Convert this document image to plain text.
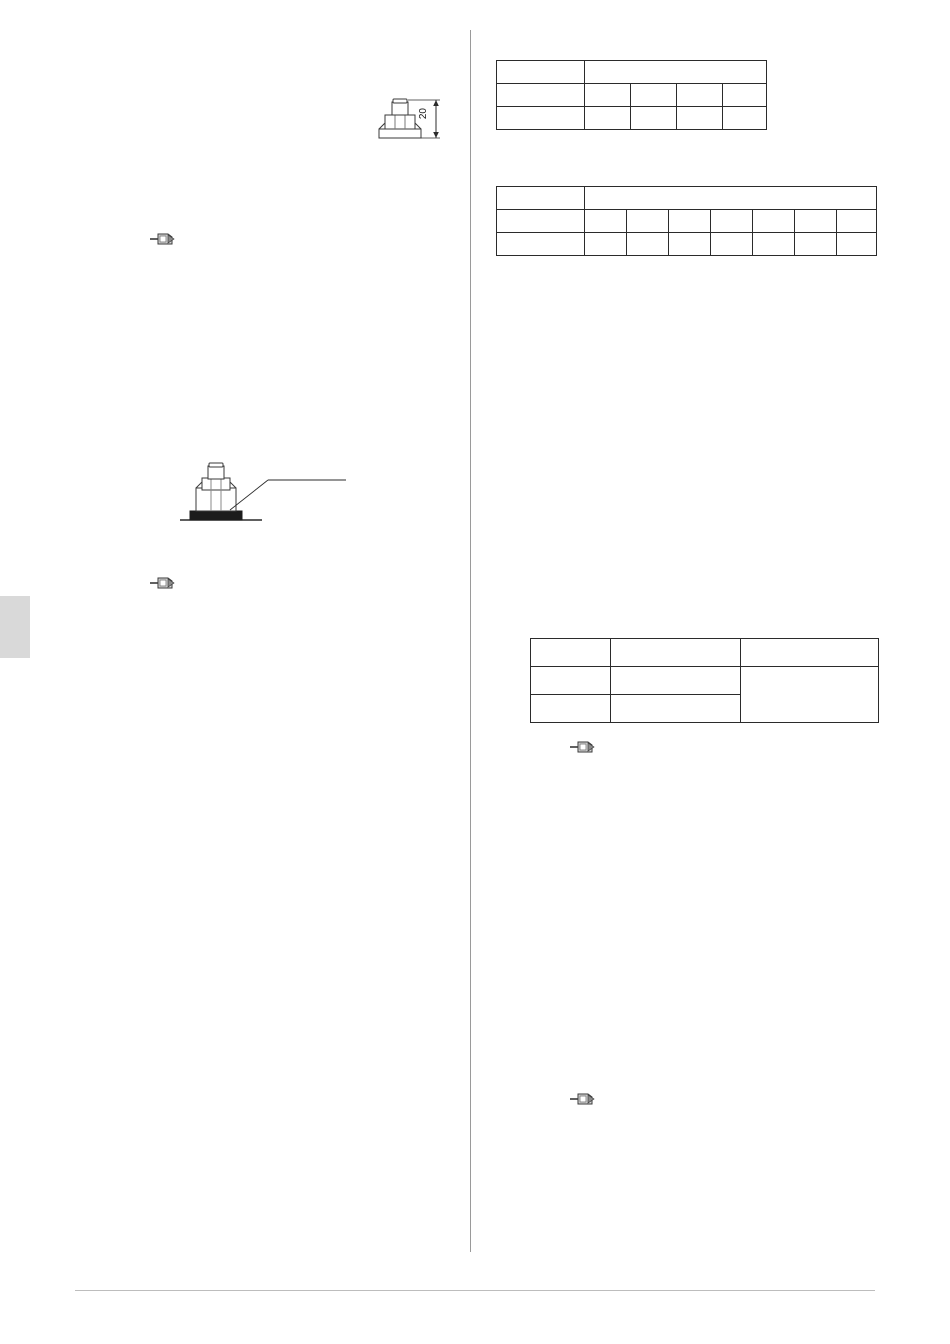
20
